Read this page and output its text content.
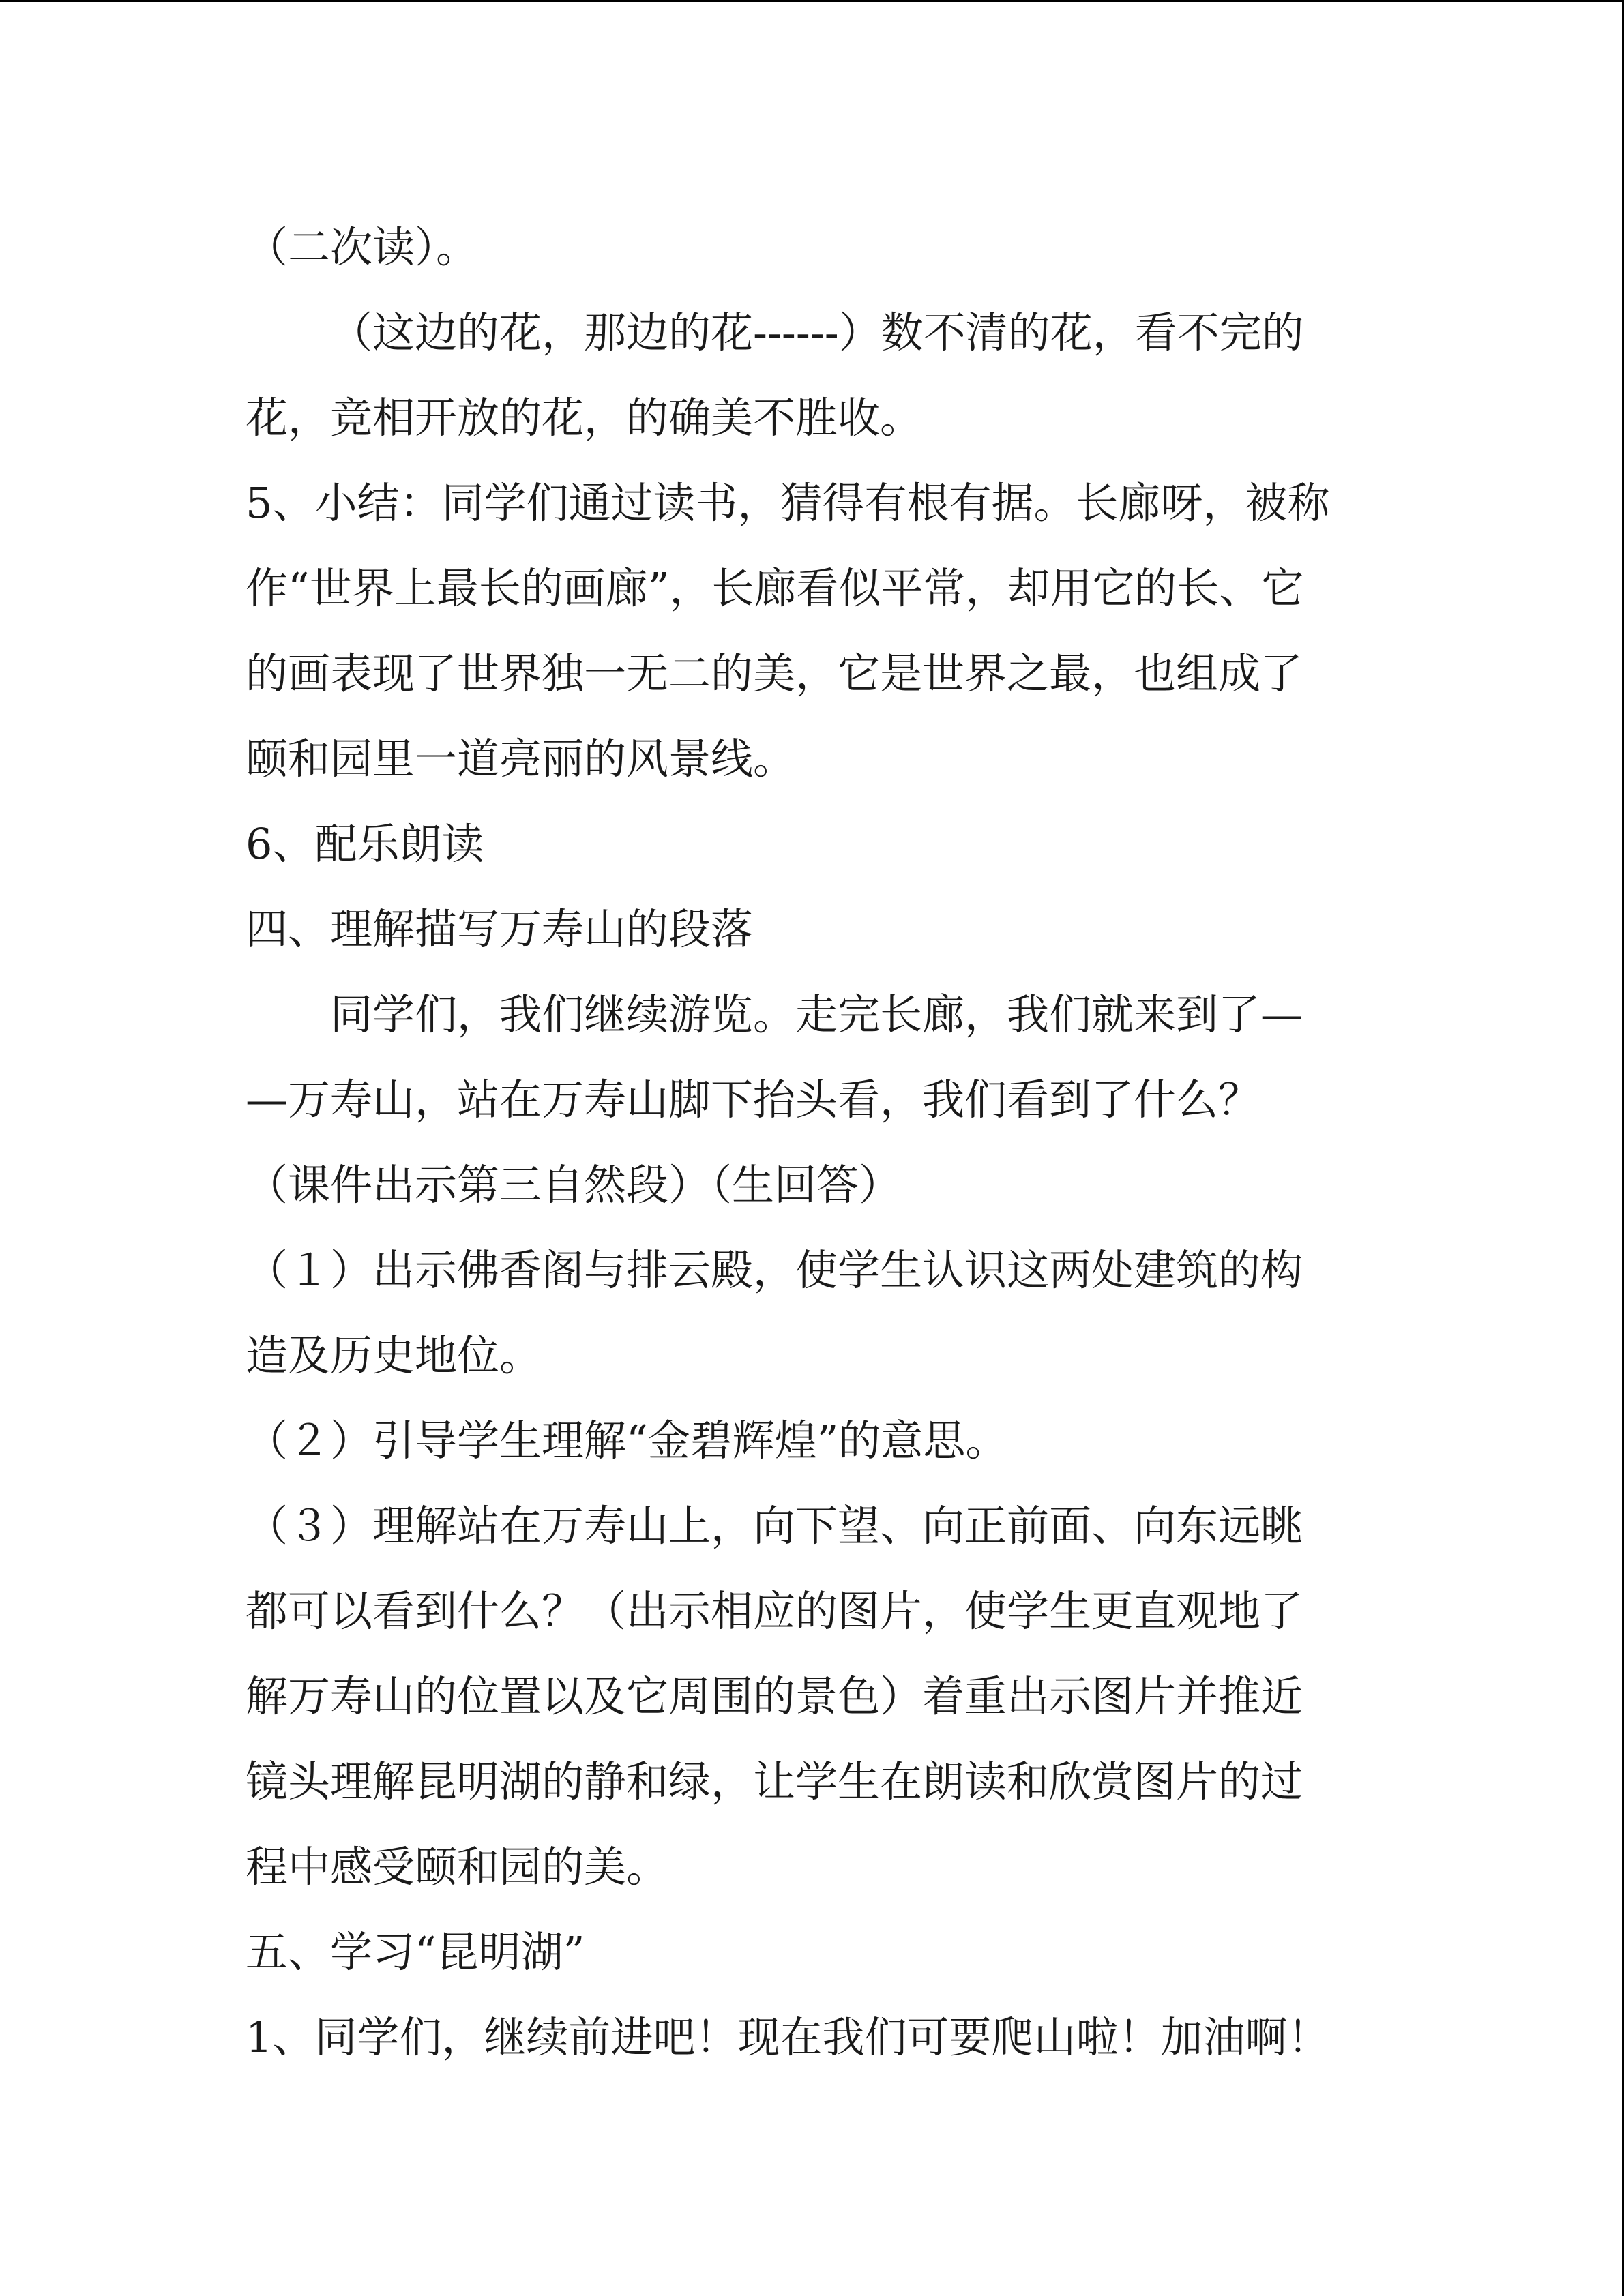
（二次读）。

（这边的花，那边的花------）数不清的花，看不完的

花，竞相开放的花，的确美不胜收。

5、小结：同学们通过读书，猜得有根有据。长廊呀，被称

作“世界上最长的画廊”，长廊看似平常，却用它的长、它

的画表现了世界独一无二的美，它是世界之最，也组成了

颐和园里一道亮丽的风景线。

6、配乐朗读

四、理解描写万寿山的段落

同学们，我们继续游览。走完长廊，我们就来到了—

—万寿山，站在万寿山脚下抬头看，我们看到了什么？

（课件出示第三自然段）（生回答）

（１）出示佛香阁与排云殿，使学生认识这两处建筑的构

造及历史地位。

（２）引导学生理解“金碧辉煌”的意思。

（３）理解站在万寿山上，向下望、向正前面、向东远眺

都可以看到什么？（出示相应的图片，使学生更直观地了

解万寿山的位置以及它周围的景色）着重出示图片并推近

镜头理解昆明湖的静和绿，让学生在朗读和欣赏图片的过

程中感受颐和园的美。

五、学习“昆明湖”

1、同学们，继续前进吧！现在我们可要爬山啦！加油啊！
